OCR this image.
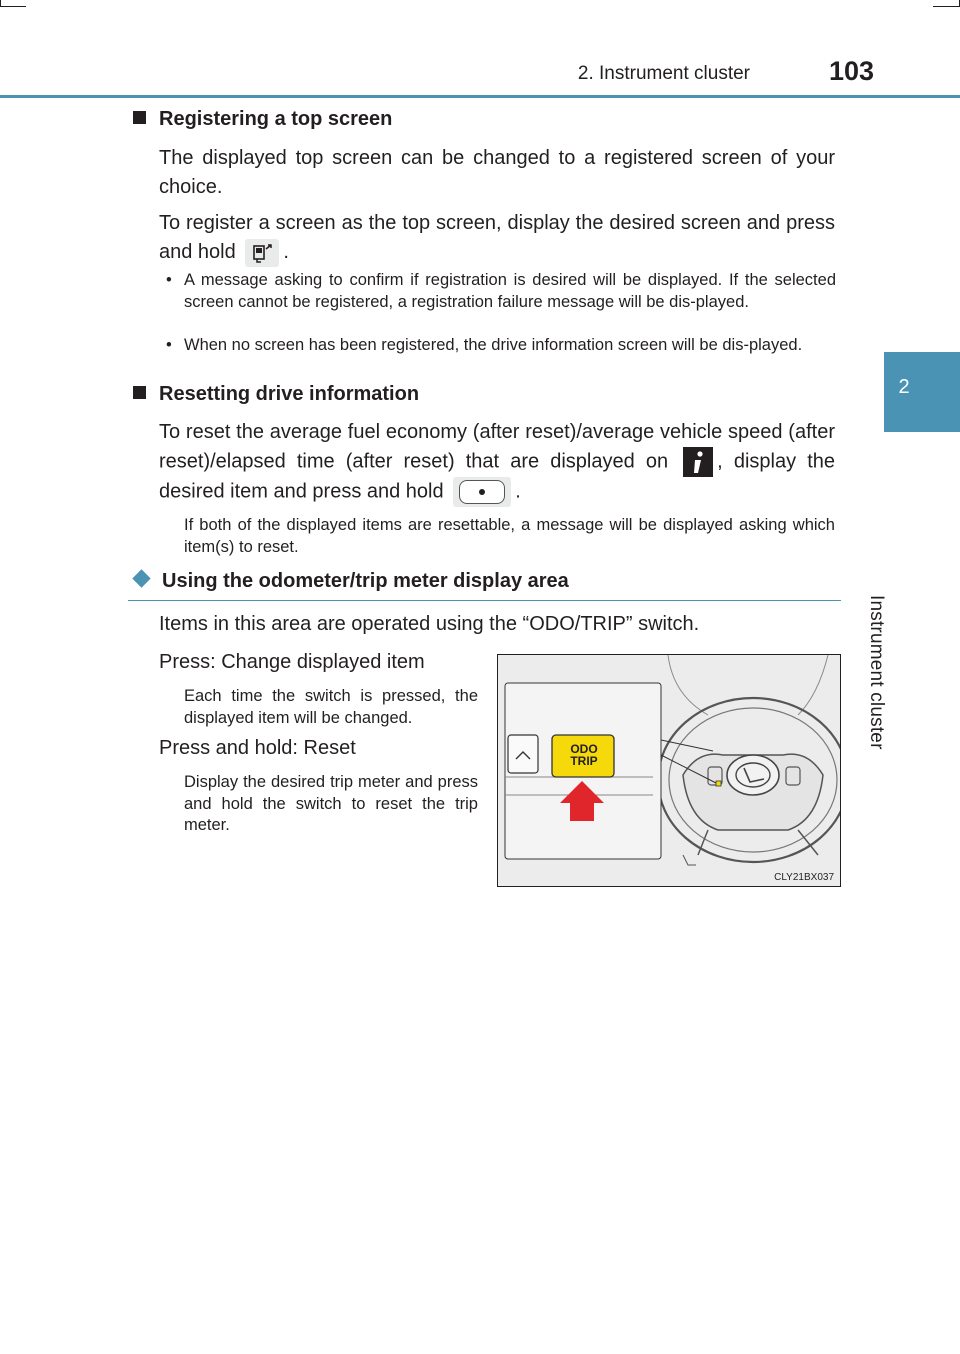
2. Instrument cluster	103
2
Instrument cluster
Registering a top screen
The displayed top screen can be changed to a registered screen of your choice.
To register a screen as the top screen, display the desired screen and press and hold .
• A message asking to confirm if registration is desired will be displayed. If the selected screen cannot be registered, a registration failure message will be dis-played.
• When no screen has been registered, the drive information screen will be dis-played.
Resetting drive information
To reset the average fuel economy (after reset)/average vehicle speed (after reset)/elapsed time (after reset) that are displayed on , display the desired item and press and hold	.
If both of the displayed items are resettable, a message will be displayed asking which item(s) to reset.
Using the odometer/trip meter display area
Items in this area are operated using the “ODO/TRIP” switch.
Press: Change displayed item
Each time the switch is pressed, the displayed item will be changed.
Press and hold: Reset
Display the desired trip meter and press and hold the switch to reset the trip meter.
ODO
TRIP
CLY21BX037
